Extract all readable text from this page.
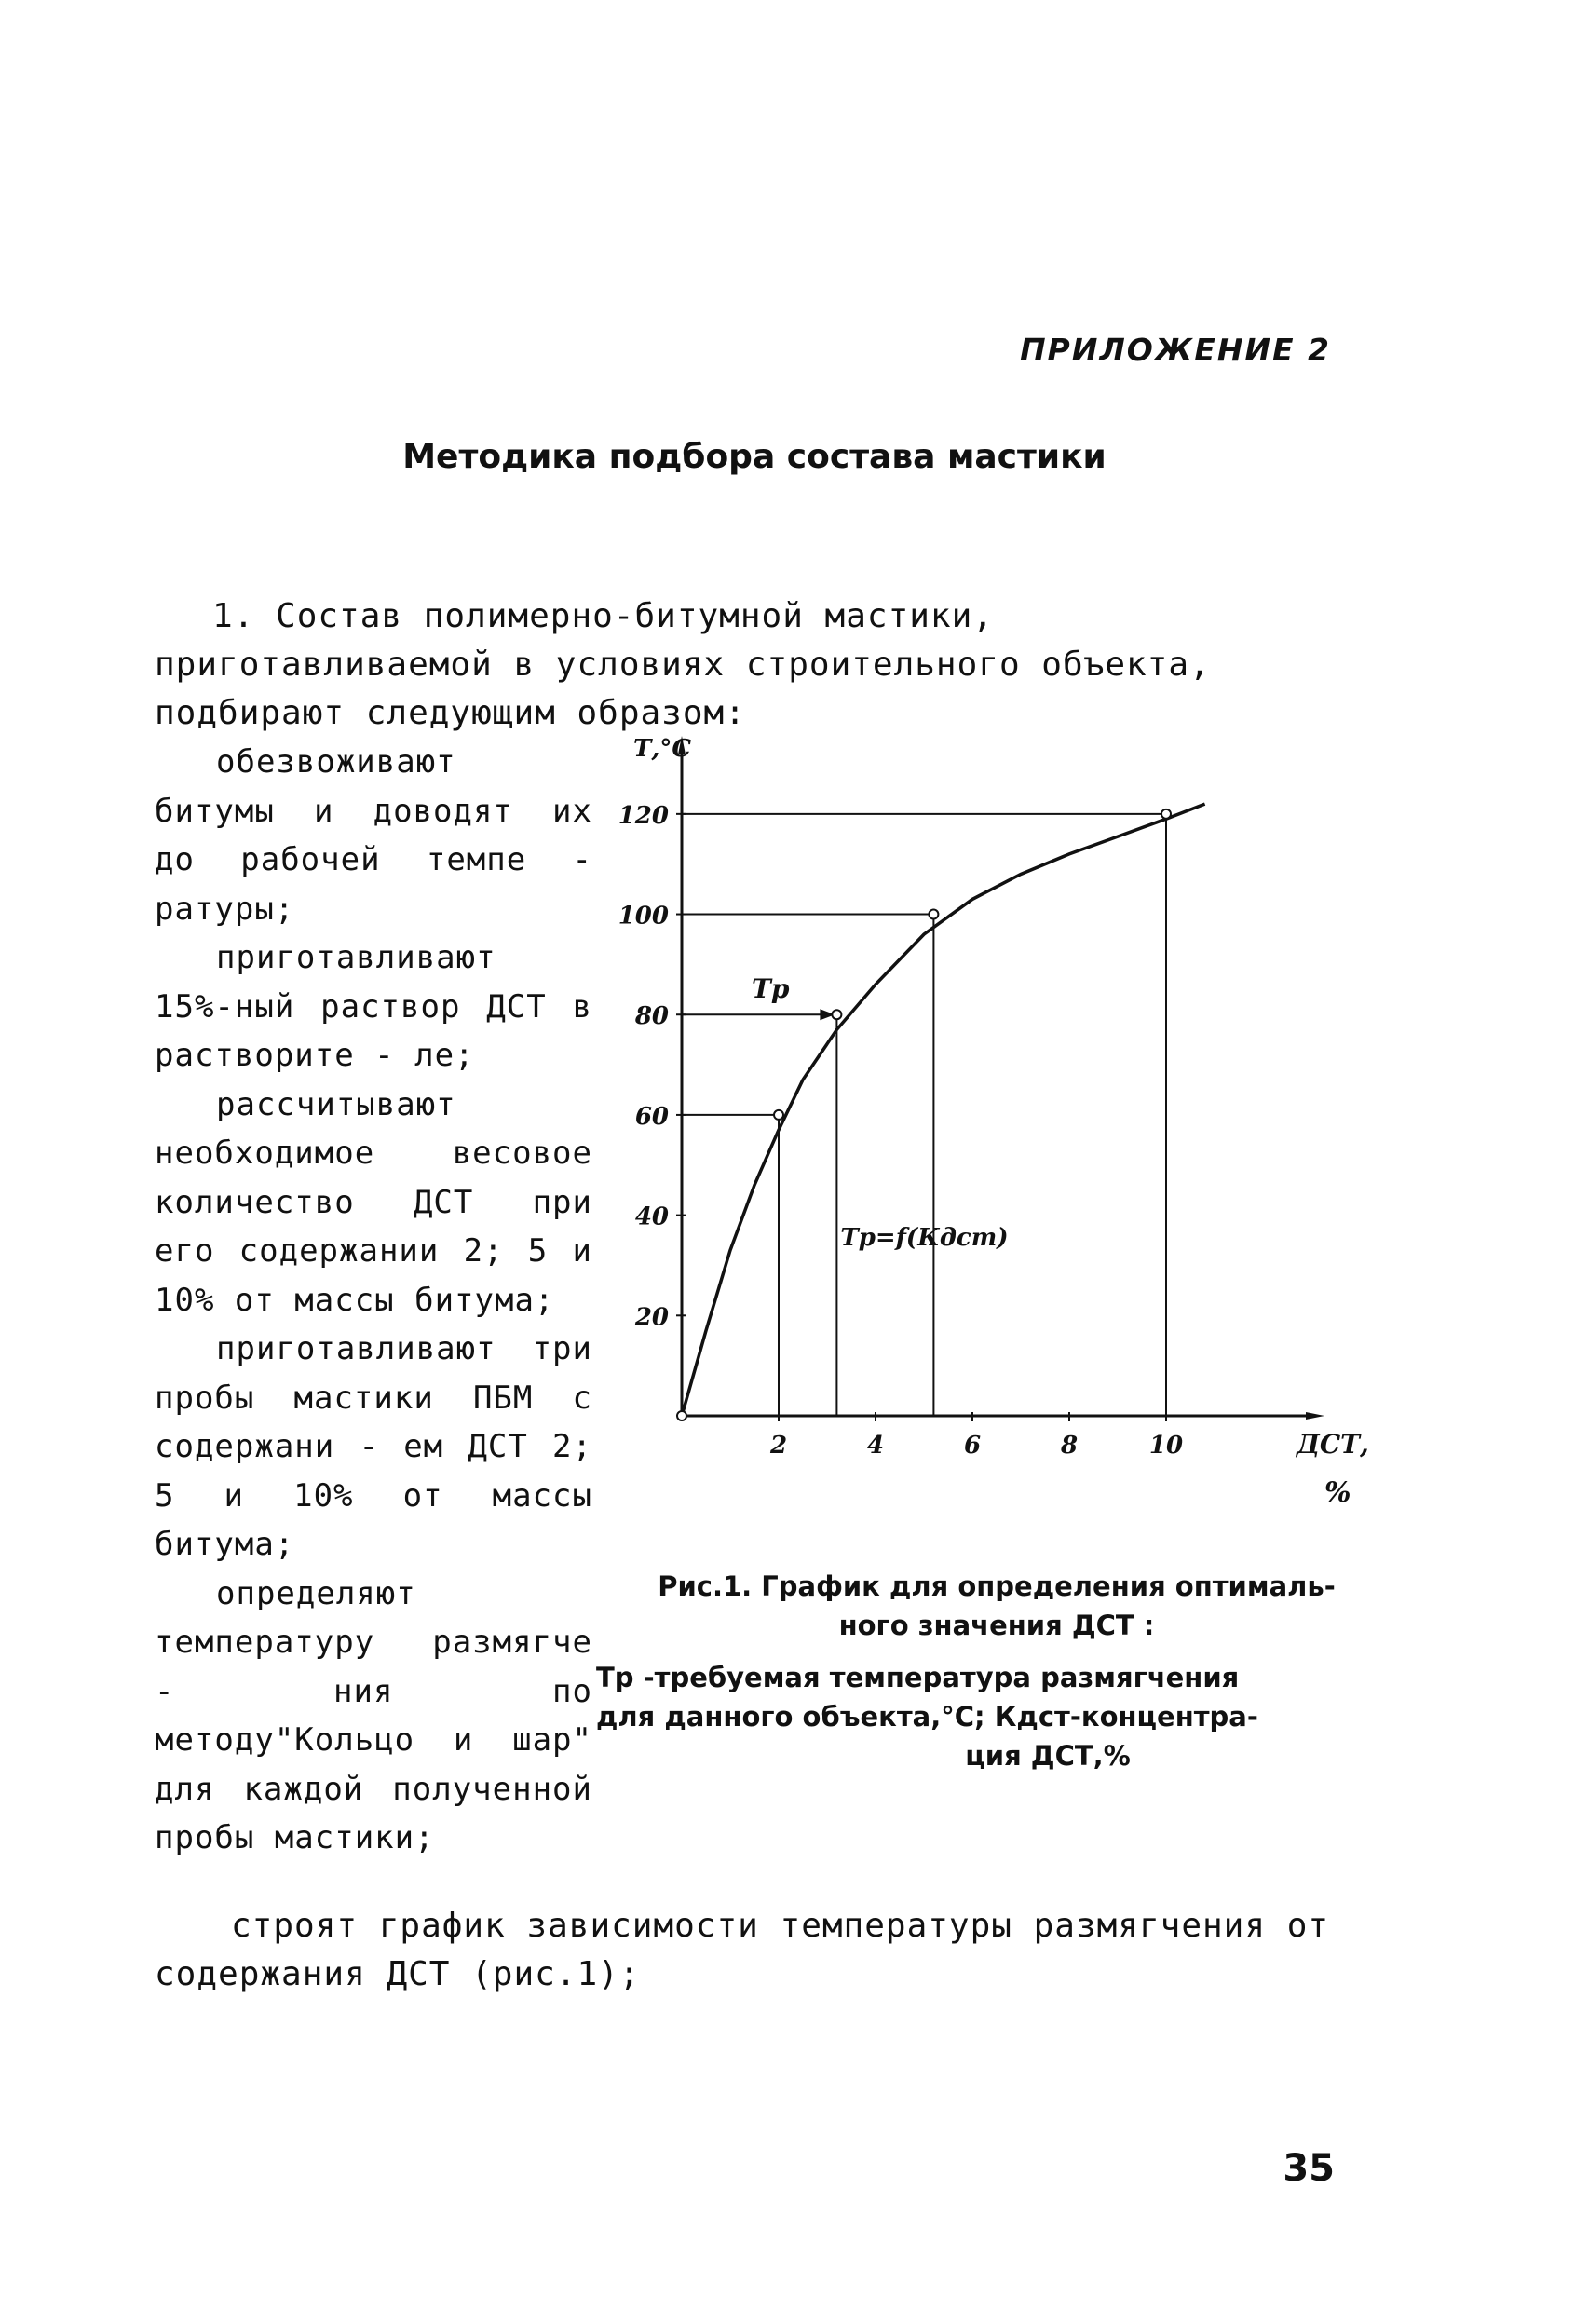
ПРИЛОЖЕНИЕ 2
Методика подбора состава мастики
1. Состав полимерно-битумной мастики, приготавливаемой в условиях строительного объекта, подбирают следующим образом:

обезвоживают битумы и доводят их до рабочей темпе - ратуры;

приготавливают 15%-ный раствор ДСТ в растворите - ле;

рассчитывают необходимое весовое количество ДСТ при его содержании 2; 5 и 10% от массы битума;

приготавливают три пробы мастики ПБМ с содержани - ем ДСТ 2; 5 и 10% от массы битума;

определяют температуру размягче - ния по методу"Кольцо и шар" для каждой полученной пробы мастики;

20
40
60
80
100
120
2	4	6	8	10
Т,°С
ДСТ,
%
Тр
Тр=f(Кдст)
Рис.1. График для определения оптималь-
ного значения ДСТ :
Тр -требуемая температура размягчения
для данного объекта,°С; Кдст-концентра-
ция ДСТ,%

строят график зависимости температуры размягчения от содержания ДСТ (рис.1);

35
